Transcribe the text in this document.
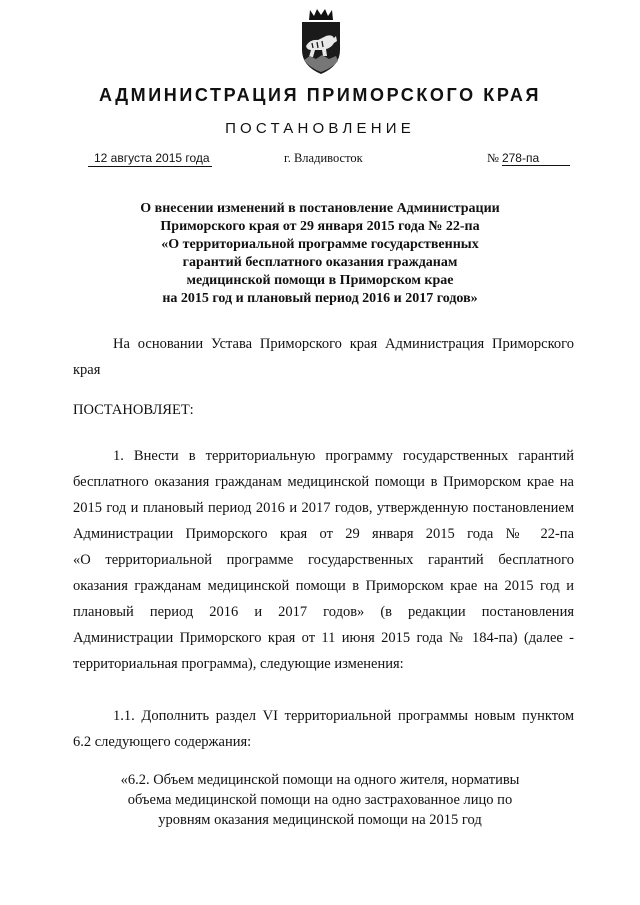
АДМИНИСТРАЦИЯ ПРИМОРСКОГО КРАЯ
ПОСТАНОВЛЕНИЕ
12 августа 2015 года	г. Владивосток	№ 278-па
О внесении изменений в постановление Администрации
Приморского края от 29 января 2015 года № 22-па
«О территориальной программе государственных
гарантий бесплатного оказания гражданам
медицинской помощи в Приморском крае
на 2015 год и плановый период 2016 и 2017 годов»
На основании Устава Приморского края Администрация Приморского
края
ПОСТАНОВЛЯЕТ:
1. Внести в территориальную программу государственных гарантий
бесплатного оказания гражданам медицинской помощи в Приморском крае на
2015 год и плановый период 2016 и 2017 годов, утвержденную постановлением
Администрации Приморского края от 29 января 2015 года № 22-па
«О территориальной программе государственных гарантий бесплатного
оказания гражданам медицинской помощи в Приморском крае на 2015 год и
плановый период 2016 и 2017 годов» (в редакции постановления
Администрации Приморского края от 11 июня 2015 года № 184-па) (далее -
территориальная программа), следующие изменения:
1.1. Дополнить раздел VI территориальной программы новым пунктом
6.2 следующего содержания:
«6.2. Объем медицинской помощи на одного жителя, нормативы
объема медицинской помощи на одно застрахованное лицо по
уровням оказания медицинской помощи на 2015 год
